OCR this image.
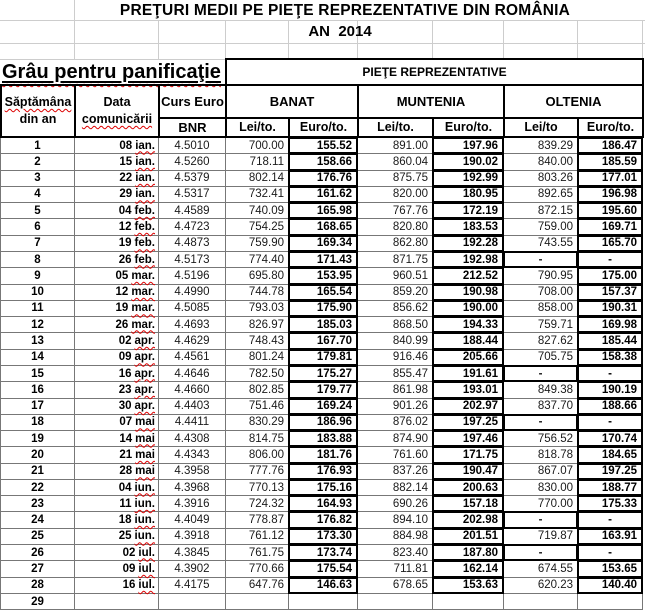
PREŢURI MEDII PE PIEŢE REPREZENTATIVE DIN ROMÂNIA
AN  2014
Grâu pentru panificaţie	PIEŢE REPREZENTATIVE
Săptămâna
din an
Data
comunicării
Curs Euro
BNR
BANAT	MUNTENIA	OLTENIA
Lei/to.	Euro/to.	Lei/to.	Euro/to.	Lei/to	Euro/to.
1	08 ian.	4.5010	700.00	155.52	891.00	197.96	839.29	186.47
2	15 ian.	4.5260	718.11	158.66	860.04	190.02	840.00	185.59
3	22 ian.	4.5379	802.14	176.76	875.75	192.99	803.26	177.01
4	29 ian.	4.5317	732.41	161.62	820.00	180.95	892.65	196.98
5	04 feb.	4.4589	740.09	165.98	767.76	172.19	872.15	195.60
6	12 feb.	4.4723	754.25	168.65	820.80	183.53	759.00	169.71
7	19 feb.	4.4873	759.90	169.34	862.80	192.28	743.55	165.70
8	26 feb.	4.5173	774.40	171.43	871.75	192.98	-	-
9	05 mar.	4.5196	695.80	153.95	960.51	212.52	790.95	175.00
10	12 mar.	4.4990	744.78	165.54	859.20	190.98	708.00	157.37
11	19 mar.	4.5085	793.03	175.90	856.62	190.00	858.00	190.31
12	26 mar.	4.4693	826.97	185.03	868.50	194.33	759.71	169.98
13	02 apr.	4.4629	748.43	167.70	840.99	188.44	827.62	185.44
14	09 apr.	4.4561	801.24	179.81	916.46	205.66	705.75	158.38
15	16 apr.	4.4646	782.50	175.27	855.47	191.61	-	-
16	23 apr.	4.4660	802.85	179.77	861.98	193.01	849.38	190.19
17	30 apr.	4.4403	751.46	169.24	901.26	202.97	837.70	188.66
18	07 mai	4.4411	830.29	186.96	876.02	197.25	-	-
19	14 mai	4.4308	814.75	183.88	874.90	197.46	756.52	170.74
20	21 mai	4.4343	806.00	181.76	761.60	171.75	818.78	184.65
21	28 mai	4.3958	777.76	176.93	837.26	190.47	867.07	197.25
22	04 iun.	4.3968	770.13	175.16	882.14	200.63	830.00	188.77
23	11 iun.	4.3916	724.32	164.93	690.26	157.18	770.00	175.33
24	18 iun.	4.4049	778.87	176.82	894.10	202.98	-	-
25	25 iun.	4.3918	761.12	173.30	884.98	201.51	719.87	163.91
26	02 iul.	4.3845	761.75	173.74	823.40	187.80	-	-
27	09 iul.	4.3902	770.66	175.54	711.81	162.14	674.55	153.65
28	16 iul.	4.4175	647.76	146.63	678.65	153.63	620.23	140.40
29
